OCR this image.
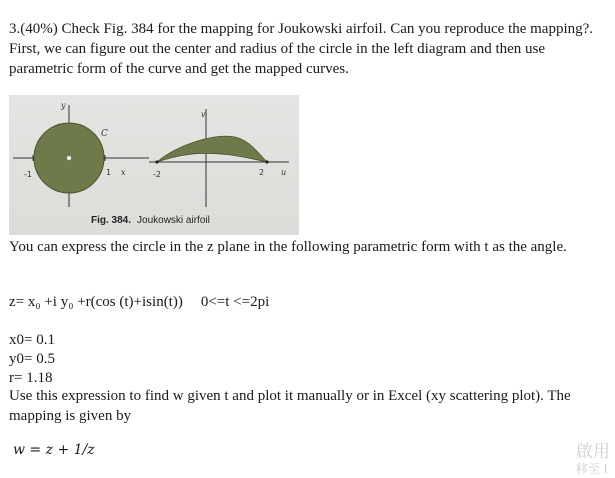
3.(40%) Check Fig. 384 for the mapping for Joukowski airfoil. Can you reproduce the mapping?. First, we can figure out the center and radius of the circle in the left diagram and then use parametric form of the curve and get the mapped curves.

y
x
C
-1	1
v
u
-2	2
Fig. 384. Joukowski airfoil

You can express the circle in the z plane in the following parametric form with t as the angle.

z= x₀ +i y₀ +r(cos (t)+isin(t)) 0<=t <=2pi
x0= 0.1
y0= 0.5
r= 1.18

Use this expression to find w given t and plot it manually or in Excel (xy scattering plot). The mapping is given by

w = z + 1/z	啟用
移至 Ⅰ
